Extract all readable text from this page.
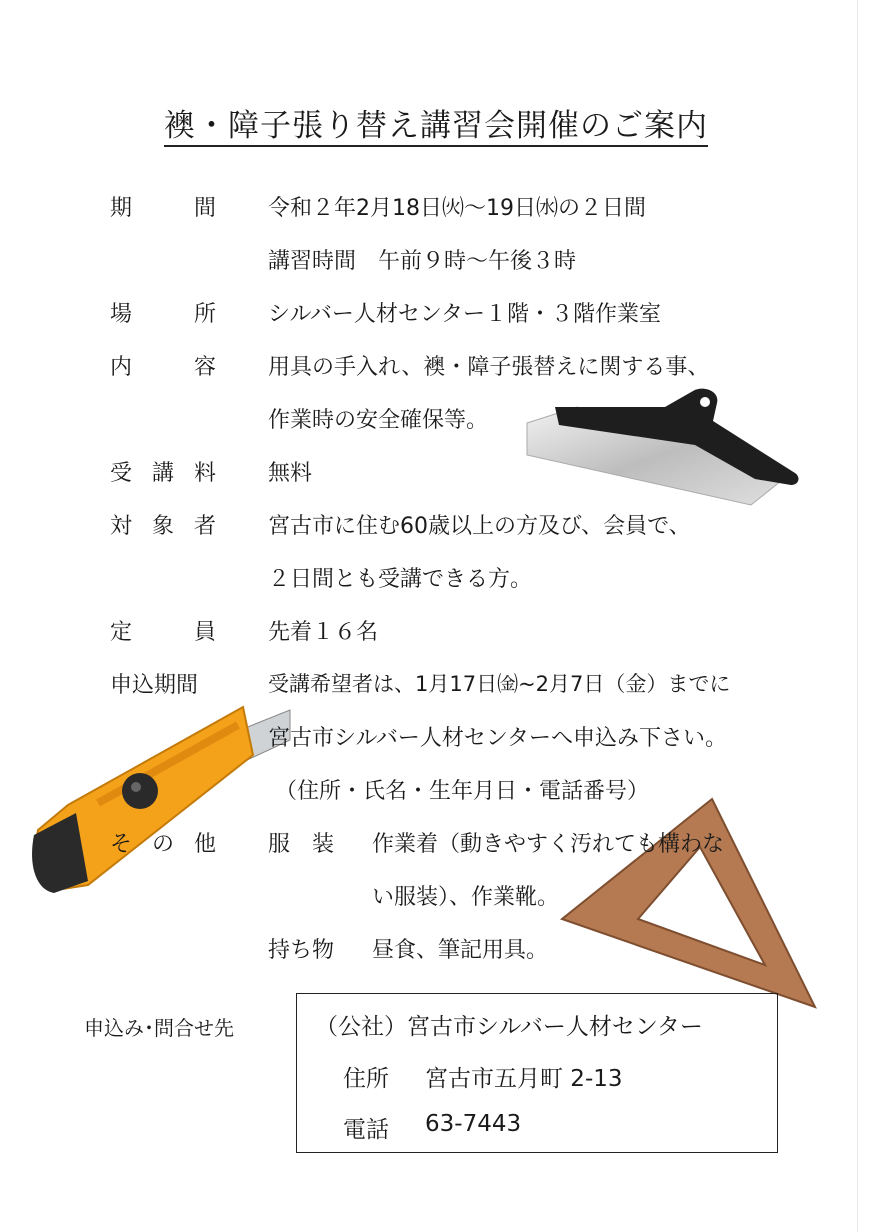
襖・障子張り替え講習会開催のご案内
期	間 令和２年2月18日㈫～19日㈬の２日間
講習時間　午前９時～午後３時
場	所 シルバー人材センター１階・３階作業室
内	容 用具の手入れ、襖・障子張替えに関する事、
作業時の安全確保等。
受 講 料 無料
対 象 者 宮古市に住む60歳以上の方及び、会員で、
２日間とも受講できる方。
定	員 先着１６名
申込期間	受講希望者は、1月17日㈮~2月7日（金）までに
宮古市シルバー人材センターへ申込み下さい。
（住所・氏名・生年月日・電話番号）
そ の 他 服　装 作業着（動きやすく汚れても構わな
い服装）、作業靴。
持ち物 昼食、筆記用具。
申込み･問合せ先	（公社）宮古市シルバー人材センター
住所 宮古市五月町 2-13
電話 63-7443
